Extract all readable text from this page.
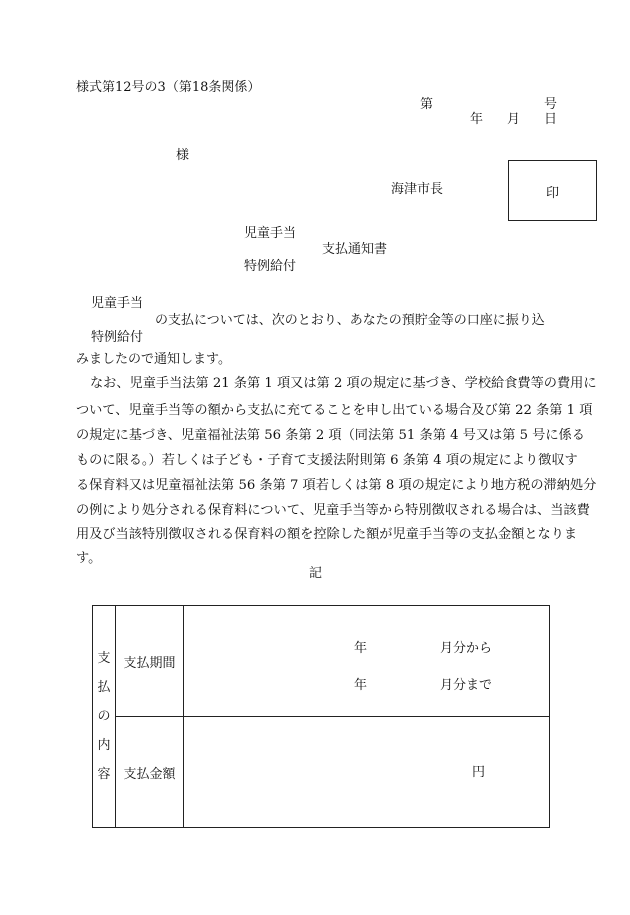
様式第12号の3（第18条関係）
第	号
年 月 日
様
海津市長	印
児童手当
支払通知書
特例給付
児童手当
の支払については、次のとおり、あなたの預貯金等の口座に振り込
特例給付
みましたので通知します。
なお、児童手当法第 21 条第 1 項又は第 2 項の規定に基づき、学校給食費等の費用に
ついて、児童手当等の額から支払に充てることを申し出ている場合及び第 22 条第 1 項
の規定に基づき、児童福祉法第 56 条第 2 項（同法第 51 条第 4 号又は第 5 号に係る
ものに限る。）若しくは子ども・子育て支援法附則第 6 条第 4 項の規定により徴収す
る保育料又は児童福祉法第 56 条第 7 項若しくは第 8 項の規定により地方税の滞納処分
の例により処分される保育料について、児童手当等から特別徴収される場合は、当該費
用及び当該特別徴収される保育料の額を控除した額が児童手当等の支払金額となりま
す。
記
支
払
の
内
容	支払期間	年 月分から
年 月分まで

	支払金額	円
